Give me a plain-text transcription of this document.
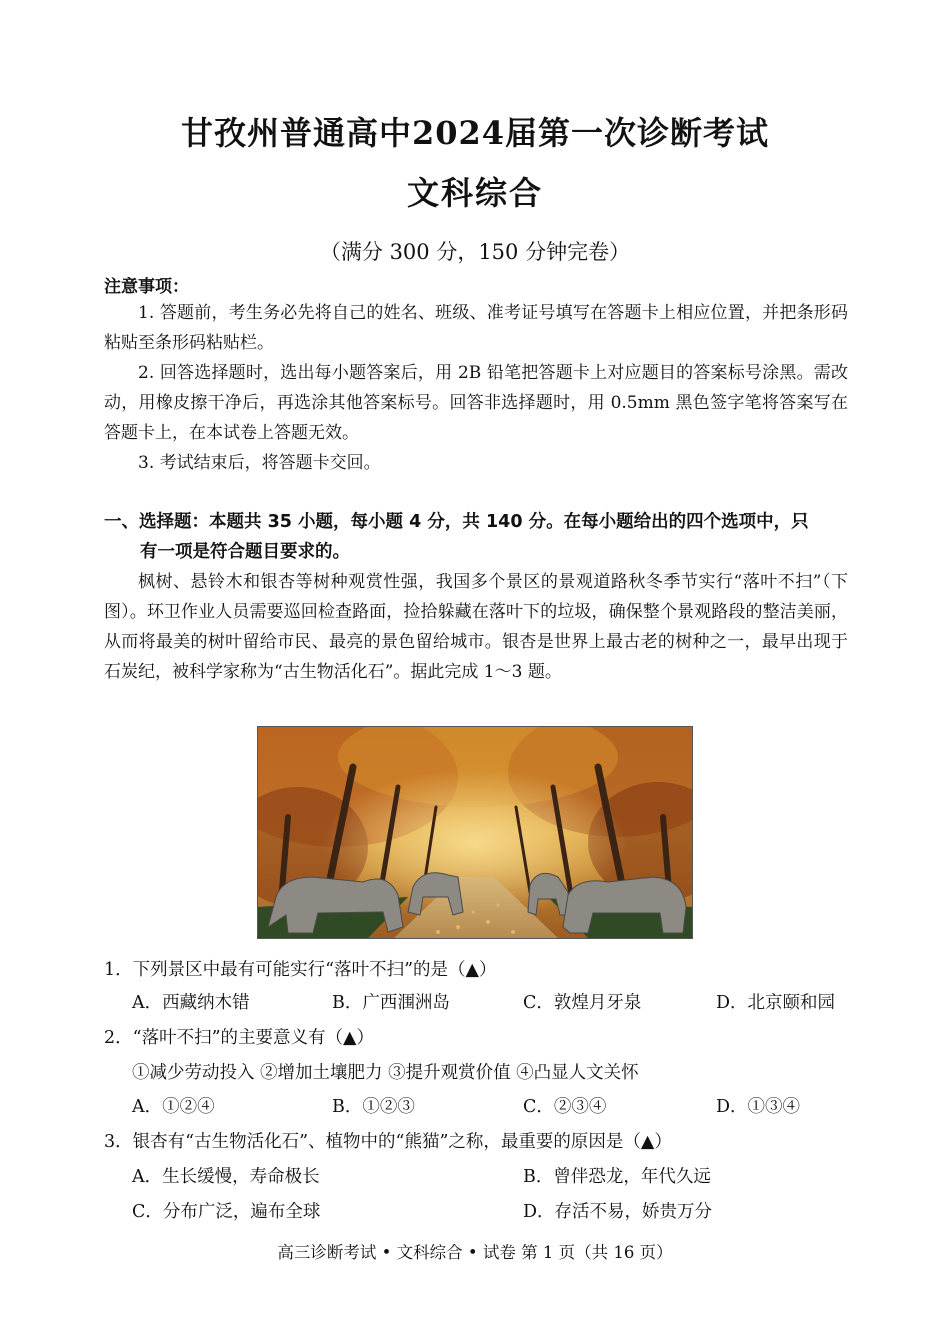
甘孜州普通高中2024届第一次诊断考试
文科综合
（满分 300 分，150 分钟完卷）
注意事项：
1. 答题前，考生务必先将自己的姓名、班级、准考证号填写在答题卡上相应位置，并把条形码粘贴至条形码粘贴栏。
2. 回答选择题时，选出每小题答案后，用 2B 铅笔把答题卡上对应题目的答案标号涂黑。需改动，用橡皮擦干净后，再选涂其他答案标号。回答非选择题时，用 0.5mm 黑色签字笔将答案写在答题卡上，在本试卷上答题无效。
3. 考试结束后，将答题卡交回。
一、选择题：本题共 35 小题，每小题 4 分，共 140 分。在每小题给出的四个选项中，只
有一项是符合题目要求的。
枫树、悬铃木和银杏等树种观赏性强，我国多个景区的景观道路秋冬季节实行“落叶不扫”（下图）。环卫作业人员需要巡回检查路面，捡拾躲藏在落叶下的垃圾，确保整个景观路段的整洁美丽，从而将最美的树叶留给市民、最亮的景色留给城市。银杏是世界上最古老的树种之一，最早出现于石炭纪，被科学家称为“古生物活化石”。据此完成 1～3 题。
1．下列景区中最有可能实行“落叶不扫”的是（▲）
A．西藏纳木错	B．广西涠洲岛	C．敦煌月牙泉	D．北京颐和园
2．“落叶不扫”的主要意义有（▲）
①减少劳动投入 ②增加土壤肥力 ③提升观赏价值 ④凸显人文关怀
A．①②④	B．①②③	C．②③④	D．①③④
3．银杏有“古生物活化石”、植物中的“熊猫”之称，最重要的原因是（▲）
A．生长缓慢，寿命极长	B．曾伴恐龙，年代久远
C．分布广泛，遍布全球	D．存活不易，娇贵万分
高三诊断考试 • 文科综合 • 试卷 第 1 页（共 16 页）
